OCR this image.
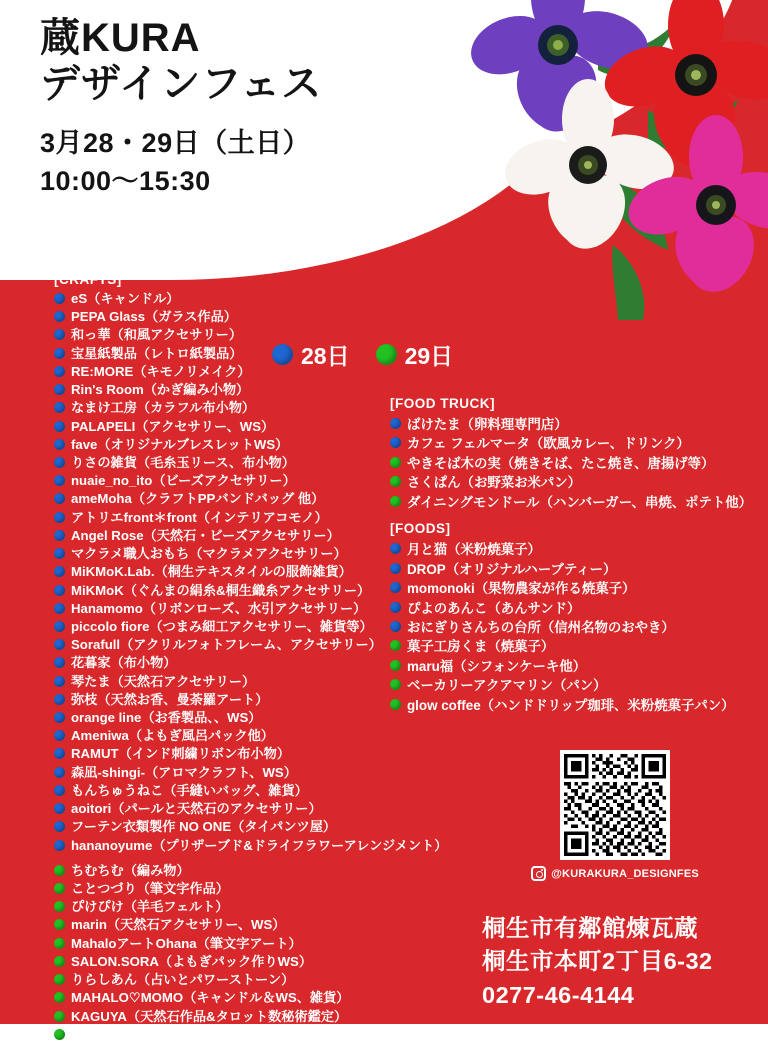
蔵KURA
デザインフェス
3月28・29日（土日）
10:00〜15:30
28日 29日
[CRAFTS]
eS（キャンドル）
PEPA Glass（ガラス作品）
和っ華（和風アクセサリー）
宝星紙製品（レトロ紙製品）
RE:MORE（キモノリメイク）
Rin's Room（かぎ編み小物）
なまけ工房（カラフル布小物）
PALAPELI（アクセサリー、WS）
fave（オリジナルブレスレットWS）
りさの雑貨（毛糸玉リース、布小物）
nuaie_no_ito（ビーズアクセサリー）
ameMoha（クラフトPPバンドバッグ 他）
アトリエfront＊front（インテリアコモノ）
Angel Rose（天然石・ビーズアクセサリー）
マクラメ職人おもち（マクラメアクセサリー）
MiKMoK.Lab.（桐生テキスタイルの服飾雑貨）
MiKMoK（ぐんまの絹糸&桐生織糸アクセサリー）
Hanamomo（リボンローズ、水引アクセサリー）
piccolo fiore（つまみ細工アクセサリー、雑貨等）
Sorafull（アクリルフォトフレーム、アクセサリー）
花暮家（布小物）
琴たま（天然石アクセサリー）
弥枝（天然お香、曼荼羅アート）
orange line（お香製品、、WS）
Ameniwa（よもぎ風呂パック他）
RAMUT（インド刺繍リボン布小物）
森凪-shingi-（アロマクラフト、WS）
もんちゅうねこ（手縫いバッグ、雑貨）
aoitori（パールと天然石のアクセサリー）
フーテン衣類製作 NO ONE（タイパンツ屋）
hananoyume（プリザーブド&ドライフラワーアレンジメント）
ちむちむ（編み物）
ことつづり（筆文字作品）
ぴけぴけ（羊毛フェルト）
marin（天然石アクセサリー、WS）
MahaloアートOhana（筆文字アート）
SALON.SORA（よもぎパック作りWS）
りらしあん（占いとパワーストーン）
MAHALO♡MOMO（キャンドル＆WS、雑貨）
KAGUYA（天然石作品&タロット数秘術鑑定）
クラフトk（手刺繍ブローチ、キーホルダー等）
[FOOD TRUCK]
ばけたま（卵料理専門店）
カフェ フェルマータ（欧風カレー、ドリンク）
やきそば木の実（焼きそば、たこ焼き、唐揚げ等）
さくぱん（お野菜お米パン）
ダイニングモンドール（ハンバーガー、串焼、ポテト他）
[FOODS]
月と猫（米粉焼菓子）
DROP（オリジナルハーブティー）
momonoki（果物農家が作る焼菓子）
ぴよのあんこ（あんサンド）
おにぎりさんちの台所（信州名物のおやき）
菓子工房くま（焼菓子）
maru福（シフォンケーキ他）
ベーカリーアクアマリン（パン）
glow coffee（ハンドドリップ珈琲、米粉焼菓子パン）
@KURAKURA_DESIGNFES
桐生市有鄰館煉瓦蔵
桐生市本町2丁目6-32
0277-46-4144
